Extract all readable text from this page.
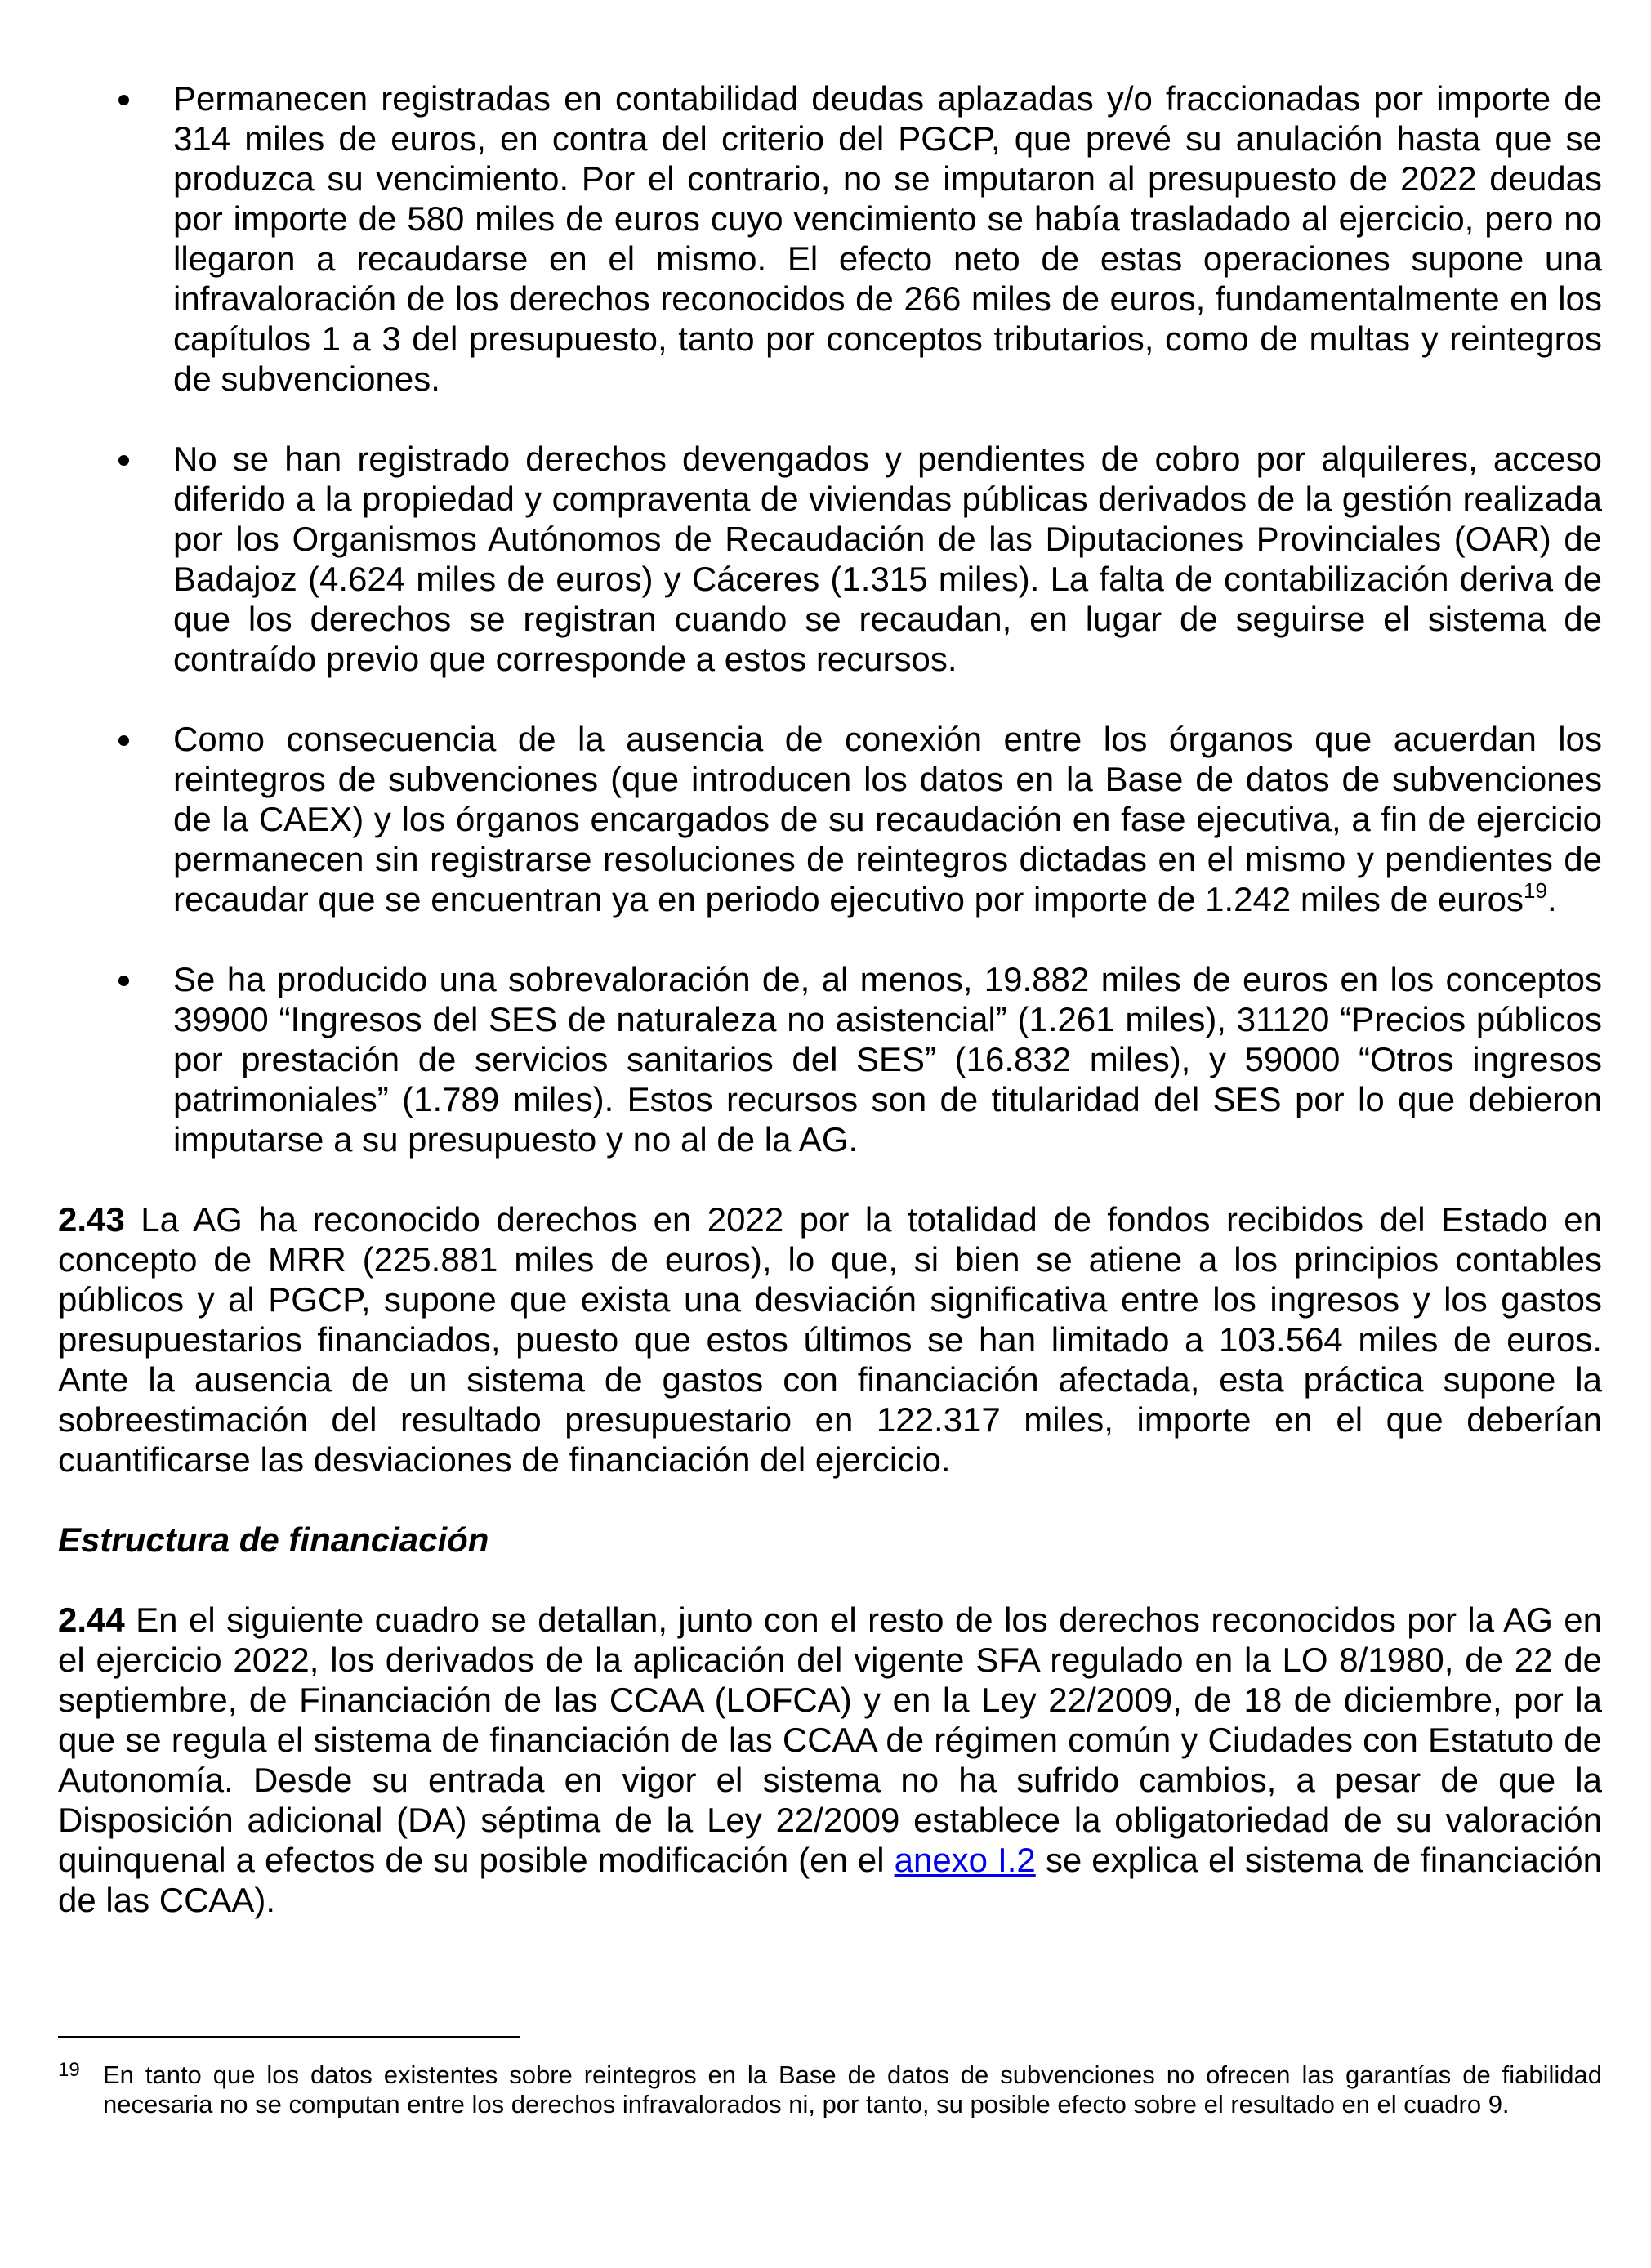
Permanecen registradas en contabilidad deudas aplazadas y/o fraccionadas por importe de 314 miles de euros, en contra del criterio del PGCP, que prevé su anulación hasta que se produzca su vencimiento. Por el contrario, no se imputaron al presupuesto de 2022 deudas por importe de 580 miles de euros cuyo vencimiento se había trasladado al ejercicio, pero no llegaron a recaudarse en el mismo. El efecto neto de estas operaciones supone una infravaloración de los derechos reconocidos de 266 miles de euros, fundamentalmente en los capítulos 1 a 3 del presupuesto, tanto por conceptos tributarios, como de multas y reintegros de subvenciones.
No se han registrado derechos devengados y pendientes de cobro por alquileres, acceso diferido a la propiedad y compraventa de viviendas públicas derivados de la gestión realizada por los Organismos Autónomos de Recaudación de las Diputaciones Provinciales (OAR) de Badajoz (4.624 miles de euros) y Cáceres (1.315 miles). La falta de contabilización deriva de que los derechos se registran cuando se recaudan, en lugar de seguirse el sistema de contraído previo que corresponde a estos recursos.
Como consecuencia de la ausencia de conexión entre los órganos que acuerdan los reintegros de subvenciones (que introducen los datos en la Base de datos de subvenciones de la CAEX) y los órganos encargados de su recaudación en fase ejecutiva, a fin de ejercicio permanecen sin registrarse resoluciones de reintegros dictadas en el mismo y pendientes de recaudar que se encuentran ya en periodo ejecutivo por importe de 1.242 miles de euros$^{19}$.
Se ha producido una sobrevaloración de, al menos, 19.882 miles de euros en los conceptos 39900 “Ingresos del SES de naturaleza no asistencial” (1.261 miles), 31120 “Precios públicos por prestación de servicios sanitarios del SES” (16.832 miles), y 59000 “Otros ingresos patrimoniales” (1.789 miles). Estos recursos son de titularidad del SES por lo que debieron imputarse a su presupuesto y no al de la AG.

2.43 La AG ha reconocido derechos en 2022 por la totalidad de fondos recibidos del Estado en concepto de MRR (225.881 miles de euros), lo que, si bien se atiene a los principios contables públicos y al PGCP, supone que exista una desviación significativa entre los ingresos y los gastos presupuestarios financiados, puesto que estos últimos se han limitado a 103.564 miles de euros. Ante la ausencia de un sistema de gastos con financiación afectada, esta práctica supone la sobreestimación del resultado presupuestario en 122.317 miles, importe en el que deberían cuantificarse las desviaciones de financiación del ejercicio.

Estructura de financiación

2.44 En el siguiente cuadro se detallan, junto con el resto de los derechos reconocidos por la AG en el ejercicio 2022, los derivados de la aplicación del vigente SFA regulado en la LO 8/1980, de 22 de septiembre, de Financiación de las CCAA (LOFCA) y en la Ley 22/2009, de 18 de diciembre, por la que se regula el sistema de financiación de las CCAA de régimen común y Ciudades con Estatuto de Autonomía. Desde su entrada en vigor el sistema no ha sufrido cambios, a pesar de que la Disposición adicional (DA) séptima de la Ley 22/2009 establece la obligatoriedad de su valoración quinquenal a efectos de su posible modificación (en el anexo I.2 se explica el sistema de financiación de las CCAA).

19 En tanto que los datos existentes sobre reintegros en la Base de datos de subvenciones no ofrecen las garantías de fiabilidad necesaria no se computan entre los derechos infravalorados ni, por tanto, su posible efecto sobre el resultado en el cuadro 9.
